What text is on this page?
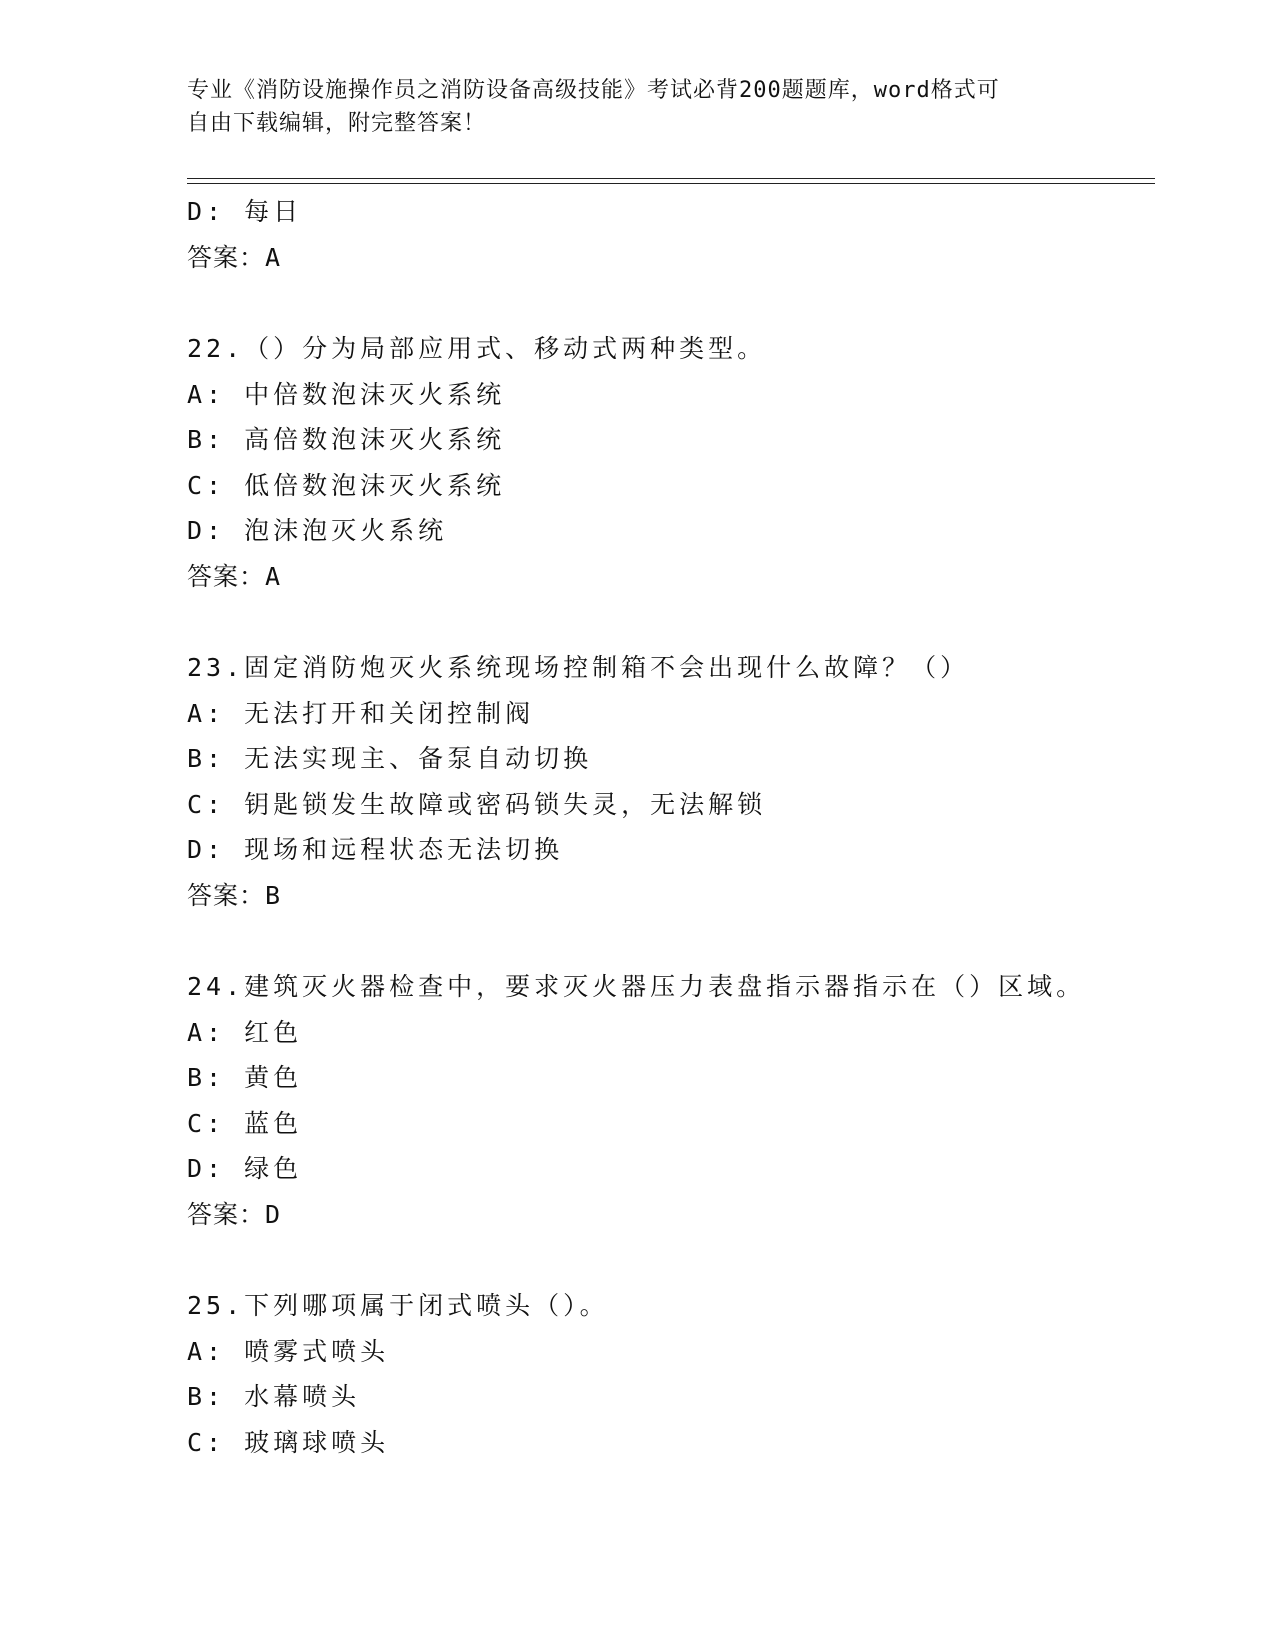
专业《消防设施操作员之消防设备高级技能》考试必背200题题库，word格式可
自由下载编辑，附完整答案！
D: 每日
答案：A
22.（）分为局部应用式、移动式两种类型。
A: 中倍数泡沫灭火系统
B: 高倍数泡沫灭火系统
C: 低倍数泡沫灭火系统
D: 泡沫泡灭火系统
答案：A
23.固定消防炮灭火系统现场控制箱不会出现什么故障？（）
A: 无法打开和关闭控制阀
B: 无法实现主、备泵自动切换
C: 钥匙锁发生故障或密码锁失灵，无法解锁
D: 现场和远程状态无法切换
答案：B
24.建筑灭火器检查中，要求灭火器压力表盘指示器指示在（）区域。
A: 红色
B: 黄色
C: 蓝色
D: 绿色
答案：D
25.下列哪项属于闭式喷头（）。
A: 喷雾式喷头
B: 水幕喷头
C: 玻璃球喷头
